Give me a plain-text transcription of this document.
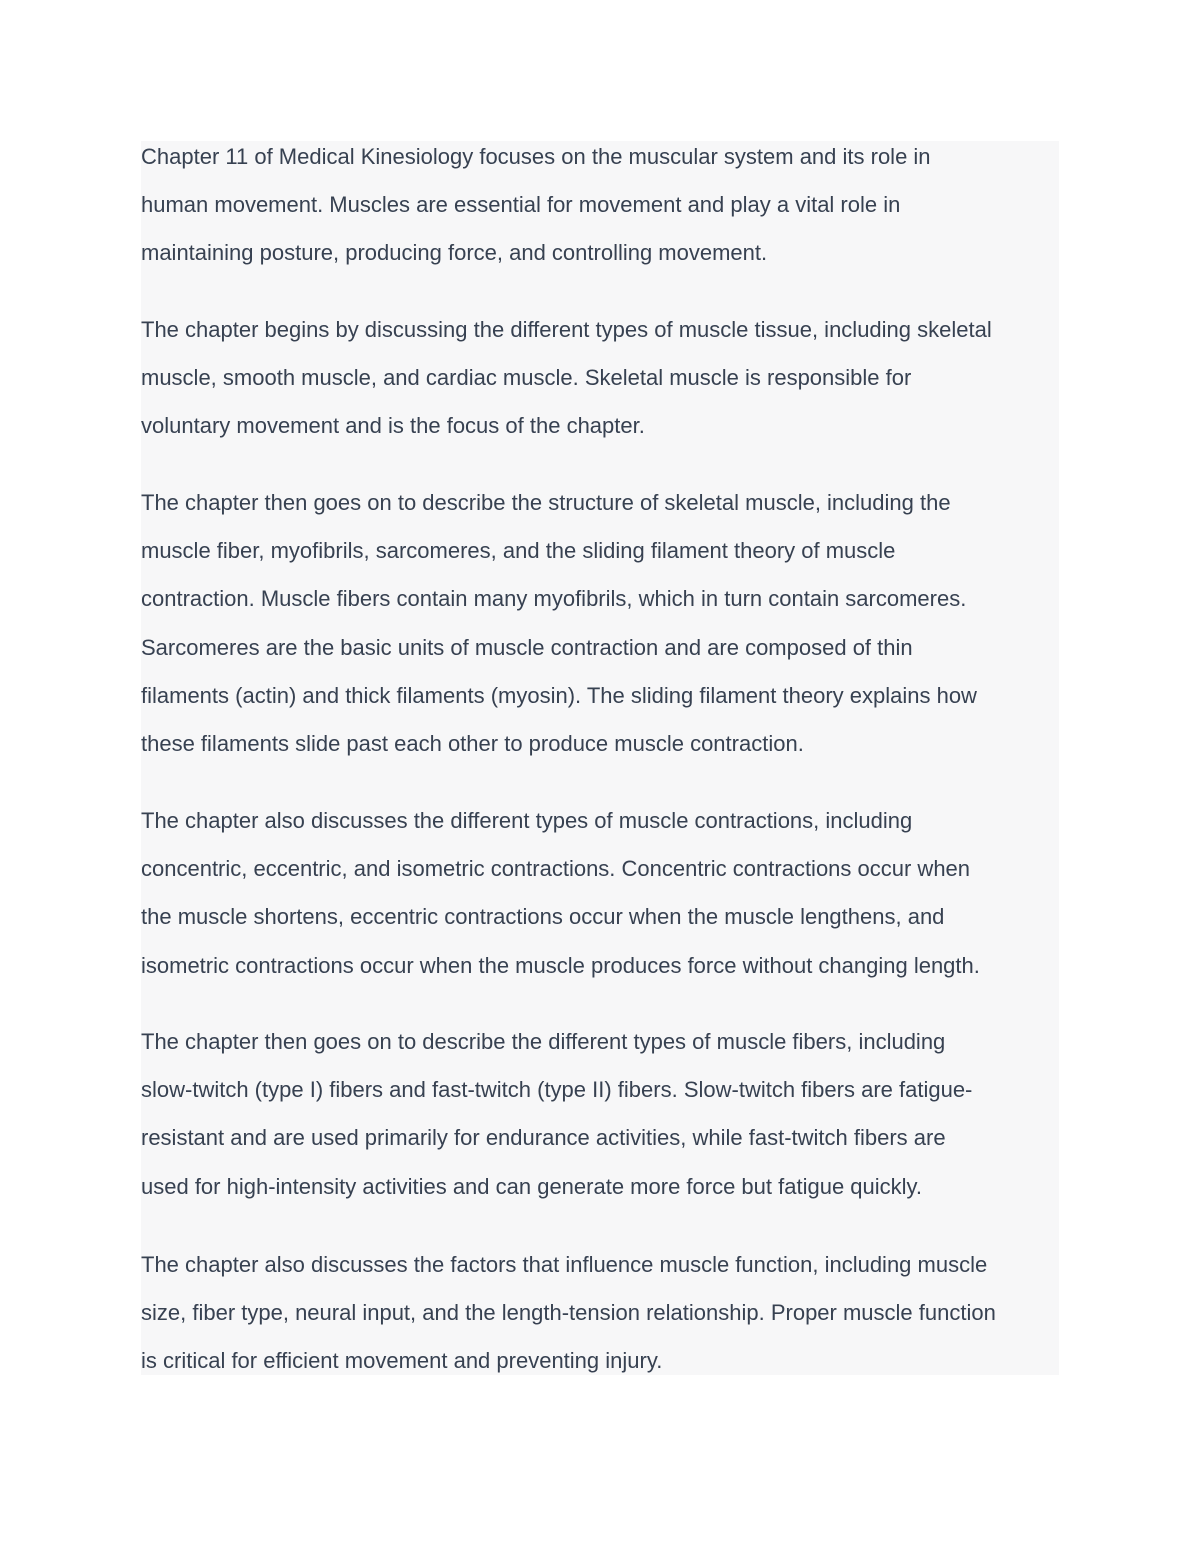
Chapter 11 of Medical Kinesiology focuses on the muscular system and its role in
human movement. Muscles are essential for movement and play a vital role in
maintaining posture, producing force, and controlling movement.

The chapter begins by discussing the different types of muscle tissue, including skeletal
muscle, smooth muscle, and cardiac muscle. Skeletal muscle is responsible for
voluntary movement and is the focus of the chapter.

The chapter then goes on to describe the structure of skeletal muscle, including the
muscle fiber, myofibrils, sarcomeres, and the sliding filament theory of muscle
contraction. Muscle fibers contain many myofibrils, which in turn contain sarcomeres.
Sarcomeres are the basic units of muscle contraction and are composed of thin
filaments (actin) and thick filaments (myosin). The sliding filament theory explains how
these filaments slide past each other to produce muscle contraction.

The chapter also discusses the different types of muscle contractions, including
concentric, eccentric, and isometric contractions. Concentric contractions occur when
the muscle shortens, eccentric contractions occur when the muscle lengthens, and
isometric contractions occur when the muscle produces force without changing length.

The chapter then goes on to describe the different types of muscle fibers, including
slow-twitch (type I) fibers and fast-twitch (type II) fibers. Slow-twitch fibers are fatigue-
resistant and are used primarily for endurance activities, while fast-twitch fibers are
used for high-intensity activities and can generate more force but fatigue quickly.

The chapter also discusses the factors that influence muscle function, including muscle
size, fiber type, neural input, and the length-tension relationship. Proper muscle function
is critical for efficient movement and preventing injury.
